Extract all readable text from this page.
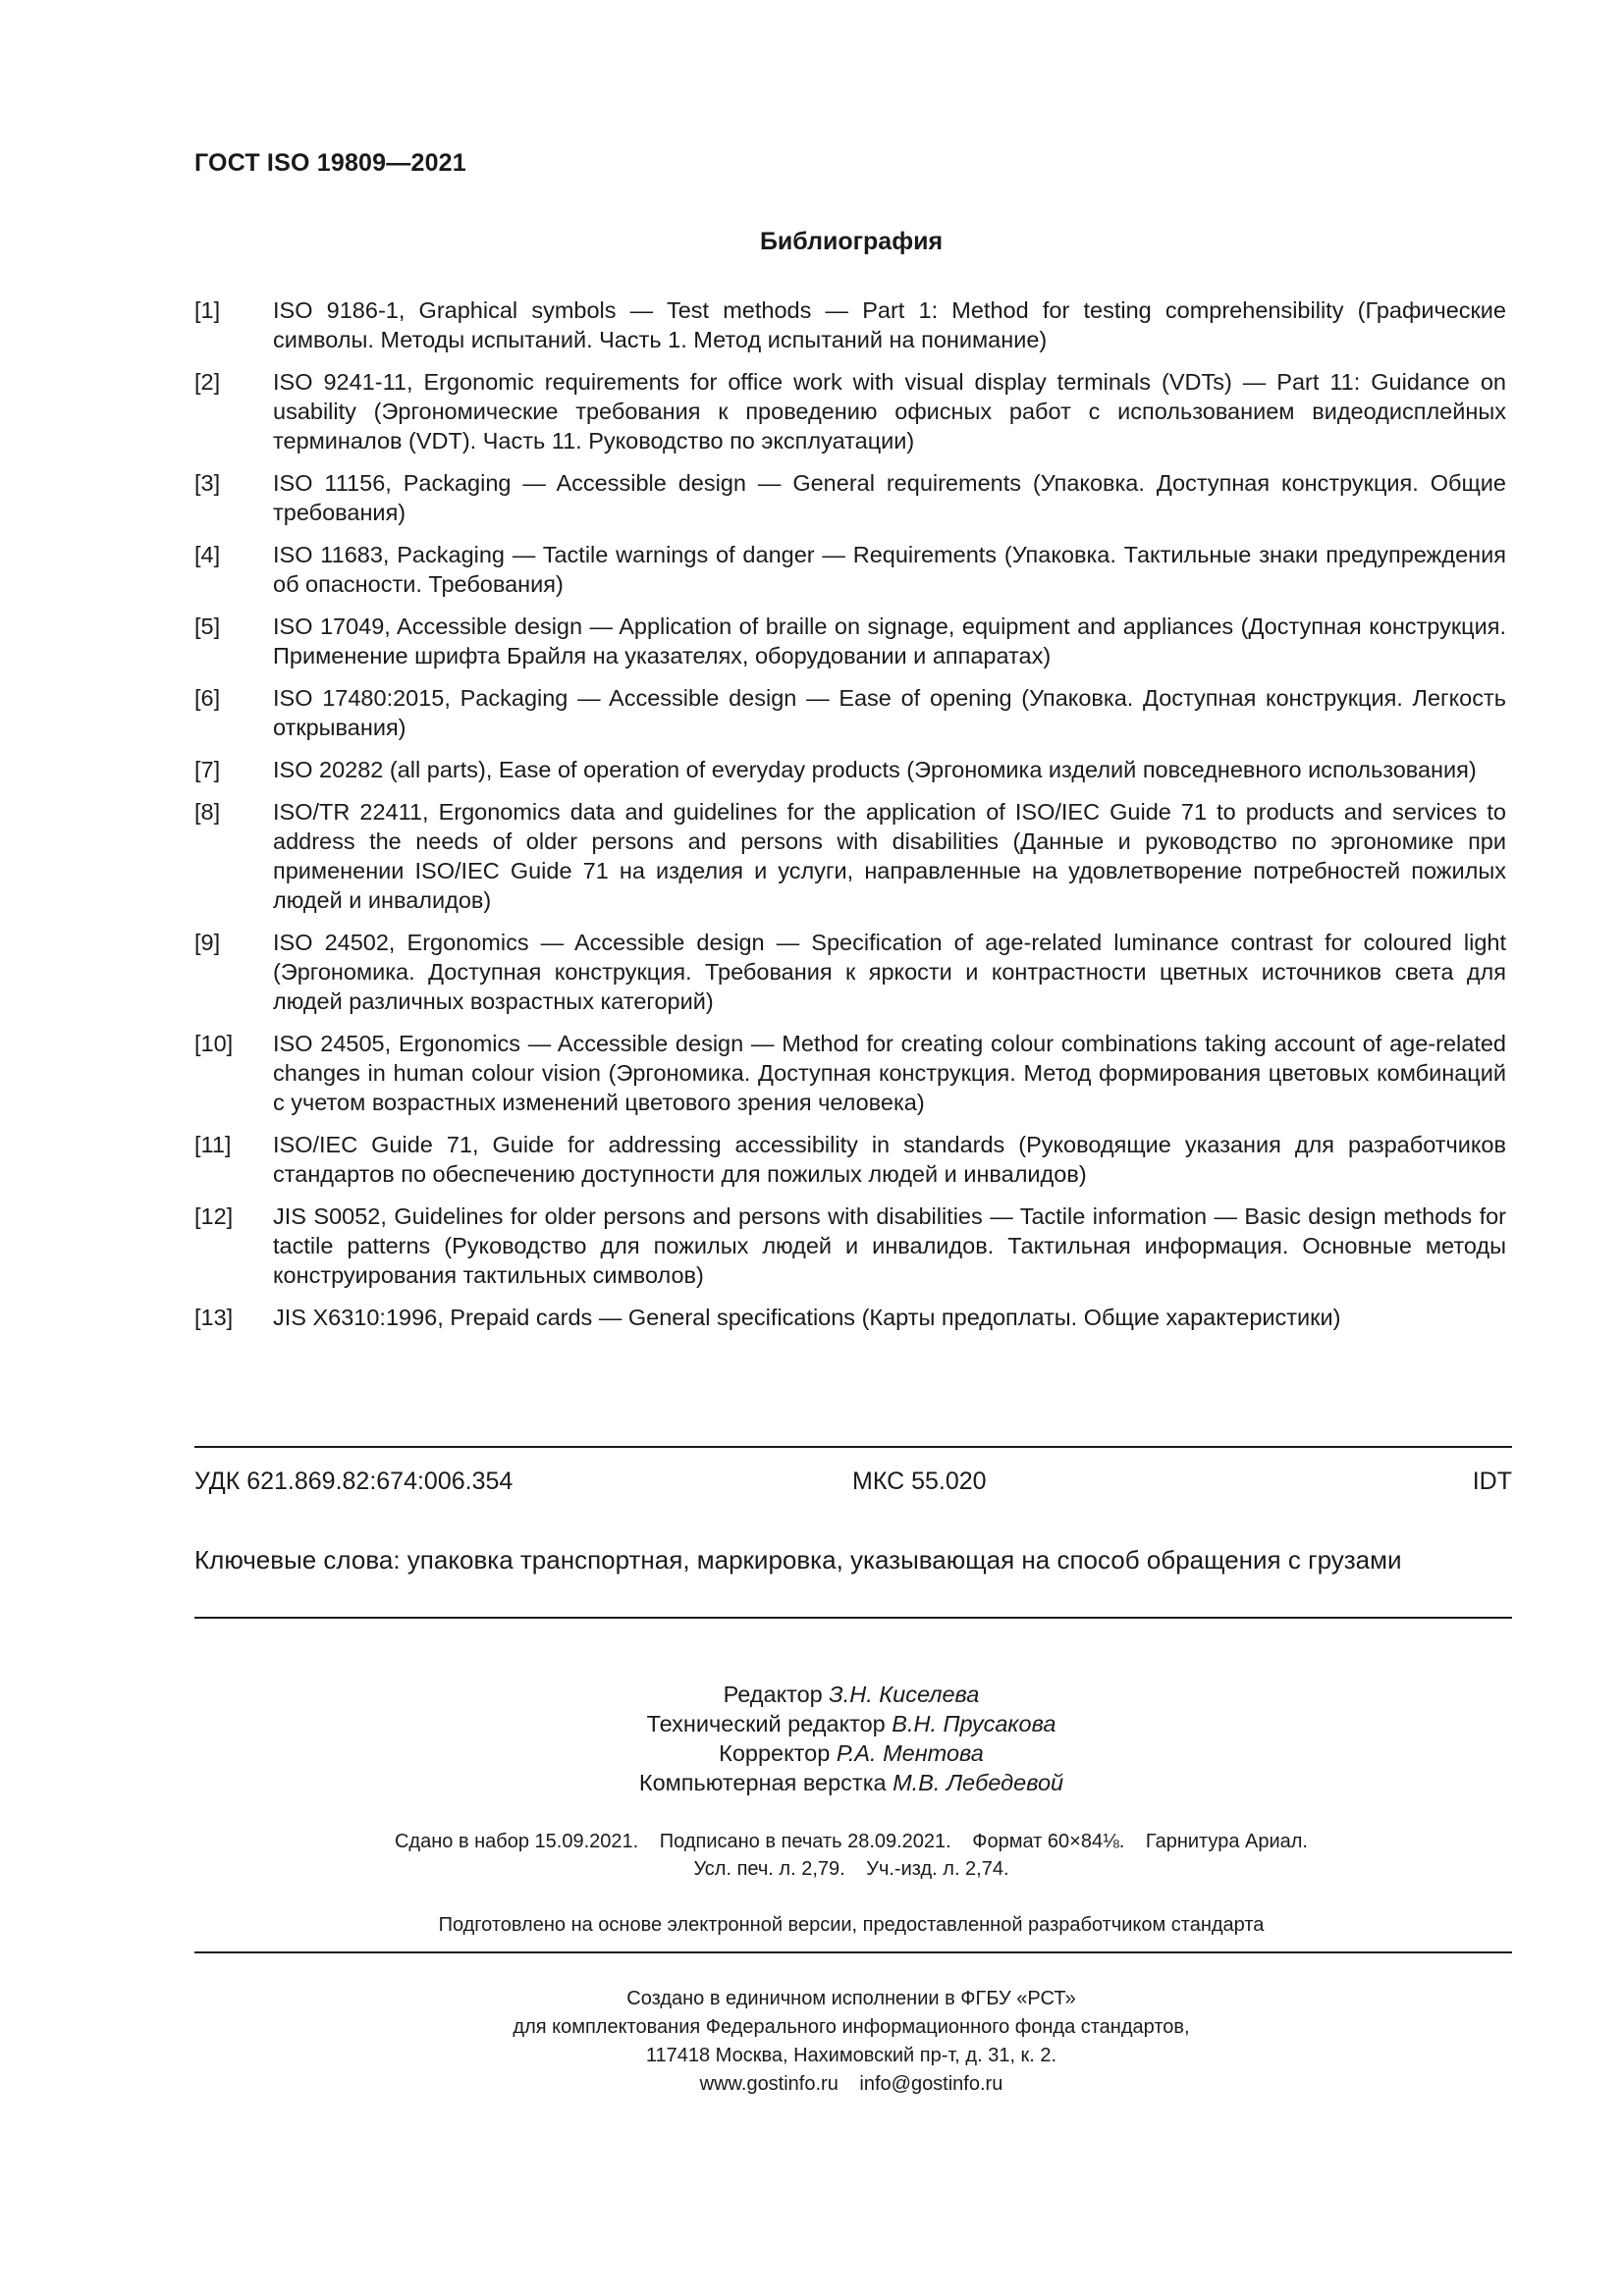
ГОСТ ISO 19809—2021
Библиография
[1]	ISO 9186-1, Graphical symbols — Test methods — Part 1: Method for testing comprehensibility (Графические символы. Методы испытаний. Часть 1. Метод испытаний на понимание)
[2]	ISO 9241-11, Ergonomic requirements for office work with visual display terminals (VDTs) — Part 11: Guidance on usability (Эргономические требования к проведению офисных работ с использованием видеодисплейных терминалов (VDT). Часть 11. Руководство по эксплуатации)
[3]	ISO 11156, Packaging — Accessible design — General requirements (Упаковка. Доступная конструкция. Общие требования)
[4]	ISO 11683, Packaging — Tactile warnings of danger — Requirements (Упаковка. Тактильные знаки предупреждения об опасности. Требования)
[5]	ISO 17049, Accessible design — Application of braille on signage, equipment and appliances (Доступная конструкция. Применение шрифта Брайля на указателях, оборудовании и аппаратах)
[6]	ISO 17480:2015, Packaging — Accessible design — Ease of opening (Упаковка. Доступная конструкция. Легкость открывания)
[7]	ISO 20282 (all parts), Ease of operation of everyday products (Эргономика изделий повседневного использования)
[8]	ISO/TR 22411, Ergonomics data and guidelines for the application of ISO/IEC Guide 71 to products and services to address the needs of older persons and persons with disabilities (Данные и руководство по эргономике при применении ISO/IEC Guide 71 на изделия и услуги, направленные на удовлетворение потребностей пожилых людей и инвалидов)
[9]	ISO 24502, Ergonomics — Accessible design — Specification of age-related luminance contrast for coloured light (Эргономика. Доступная конструкция. Требования к яркости и контрастности цветных источников света для людей различных возрастных категорий)
[10]	ISO 24505, Ergonomics — Accessible design — Method for creating colour combinations taking account of age-related changes in human colour vision (Эргономика. Доступная конструкция. Метод формирования цветовых комбинаций с учетом возрастных изменений цветового зрения человека)
[11]	ISO/IEC Guide 71, Guide for addressing accessibility in standards (Руководящие указания для разработчиков стандартов по обеспечению доступности для пожилых людей и инвалидов)
[12]	JIS S0052, Guidelines for older persons and persons with disabilities — Tactile information — Basic design methods for tactile patterns (Руководство для пожилых людей и инвалидов. Тактильная информация. Основные методы конструирования тактильных символов)
[13]	JIS X6310:1996, Prepaid cards — General specifications (Карты предоплаты. Общие характеристики)
УДК 621.869.82:674:006.354	МКС 55.020	IDT
Ключевые слова: упаковка транспортная, маркировка, указывающая на способ обращения с грузами
Редактор З.Н. Киселева
Технический редактор В.Н. Прусакова
Корректор Р.А. Ментова
Компьютерная верстка М.В. Лебедевой
Сдано в набор 15.09.2021. Подписано в печать 28.09.2021. Формат 60×84⅛. Гарнитура Ариал.
Усл. печ. л. 2,79. Уч.-изд. л. 2,74.
Подготовлено на основе электронной версии, предоставленной разработчиком стандарта
Создано в единичном исполнении в ФГБУ «РСТ»
для комплектования Федерального информационного фонда стандартов,
117418 Москва, Нахимовский пр-т, д. 31, к. 2.
www.gostinfo.ru info@gostinfo.ru
